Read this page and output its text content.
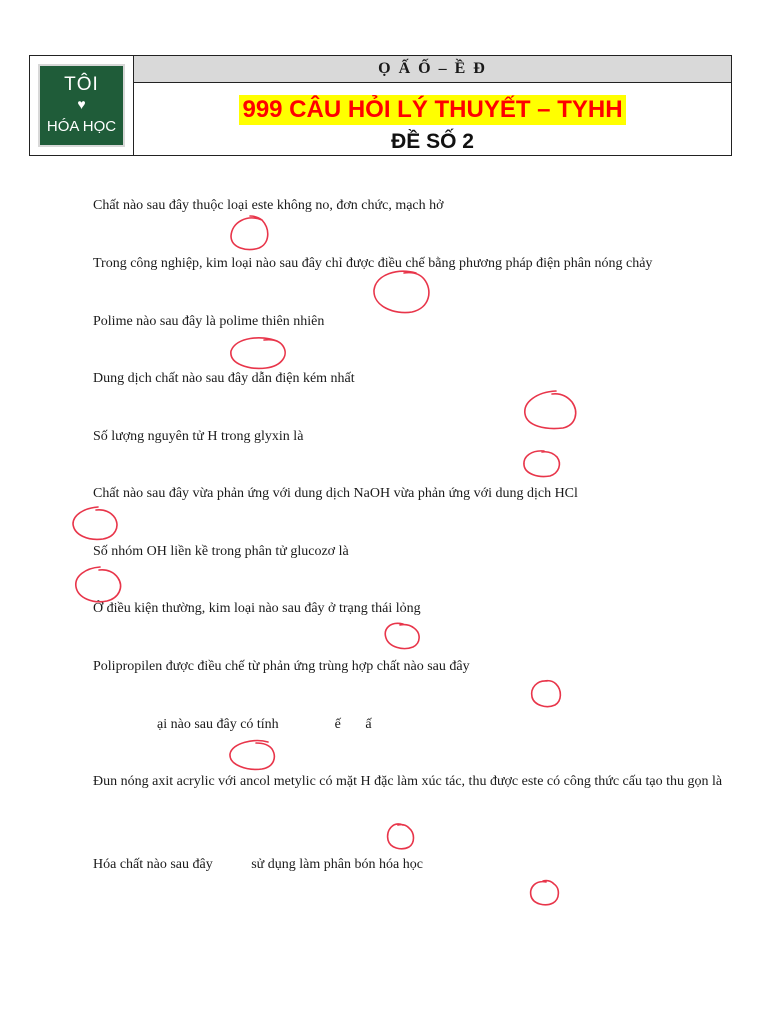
TÔI
♥
HÓA HỌC
Ọ Ấ Ố – Ề Đ
999 CÂU HỎI LÝ THUYẾT – TYHH
ĐỀ SỐ 2
Chất nào sau đây thuộc loại este không no, đơn chức, mạch hở
Trong công nghiệp, kim loại nào sau đây chỉ được điều chế bằng phương pháp điện phân nóng chảy
Polime nào sau đây là polime thiên nhiên
Dung dịch chất nào sau đây dẫn điện kém nhất
Số lượng nguyên tử H trong glyxin là
Chất nào sau đây vừa phản ứng với dung dịch NaOH vừa phản ứng với dung dịch HCl
Số nhóm OH liền kề trong phân tử glucozơ là
Ở điều kiện thường, kim loại nào sau đây ở trạng thái lỏng
Polipropilen được điều chế từ phản ứng trùng hợp chất nào sau đây
ại nào sau đây có tính                ế       ấ
Đun nóng axit acrylic với ancol metylic có mặt H đặc làm xúc tác, thu được este có công thức cấu tạo thu gọn là
Hóa chất nào sau đây           sử dụng làm phân bón hóa học
